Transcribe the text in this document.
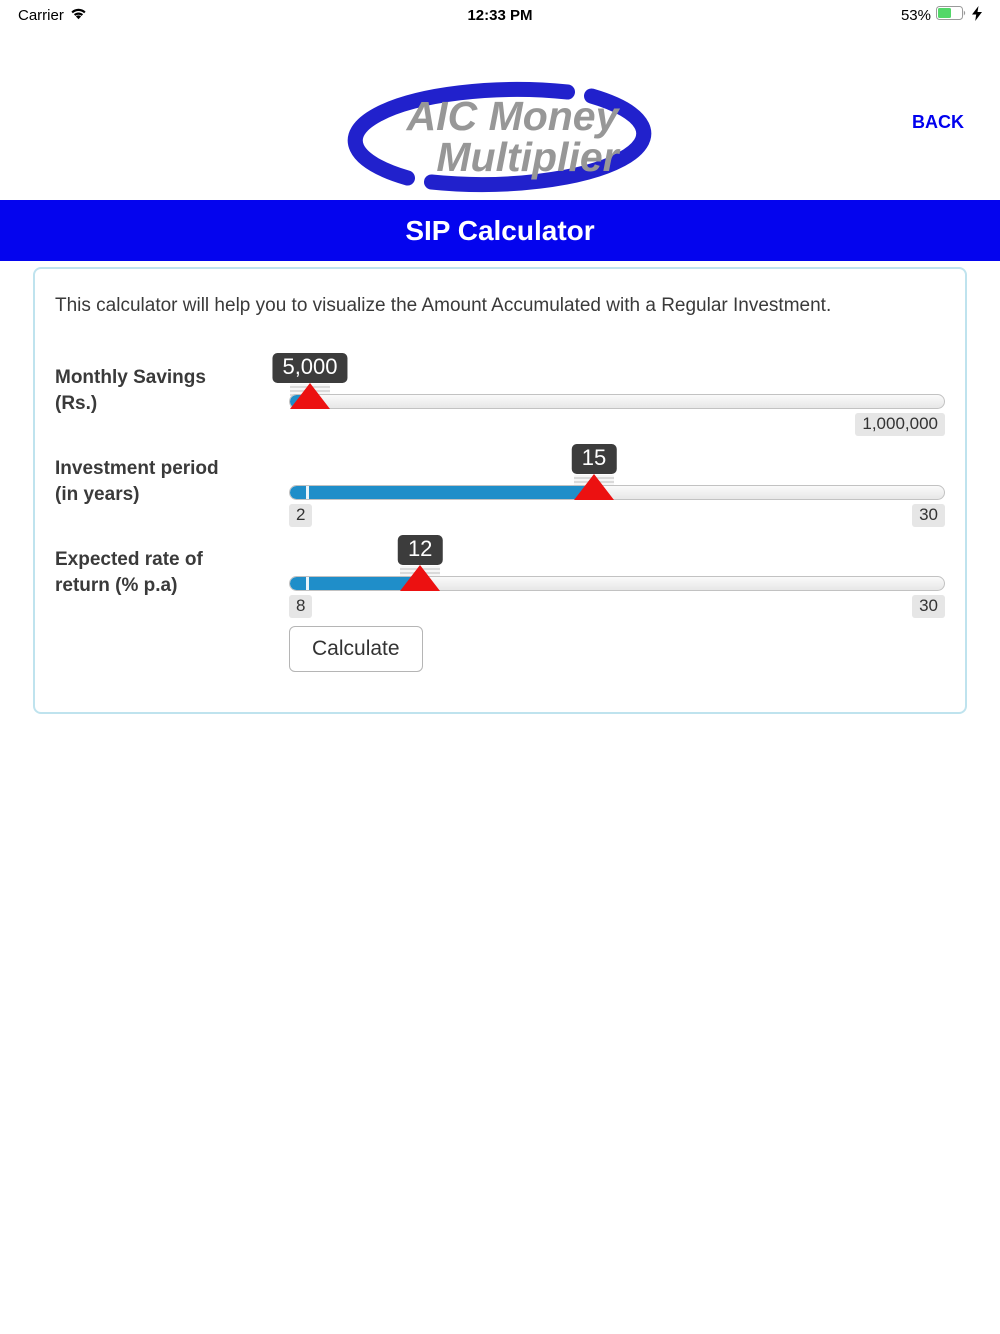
Carrier	12:33 PM	53%
AIC Money
Multiplier
BACK
SIP Calculator
This calculator will help you to visualize the Amount Accumulated with a Regular Investment.
Monthly Savings
(Rs.)
5,000
1,000,000
Investment period
(in years)
15
2	30
Expected rate of
return (% p.a)
12
8	30
Calculate
